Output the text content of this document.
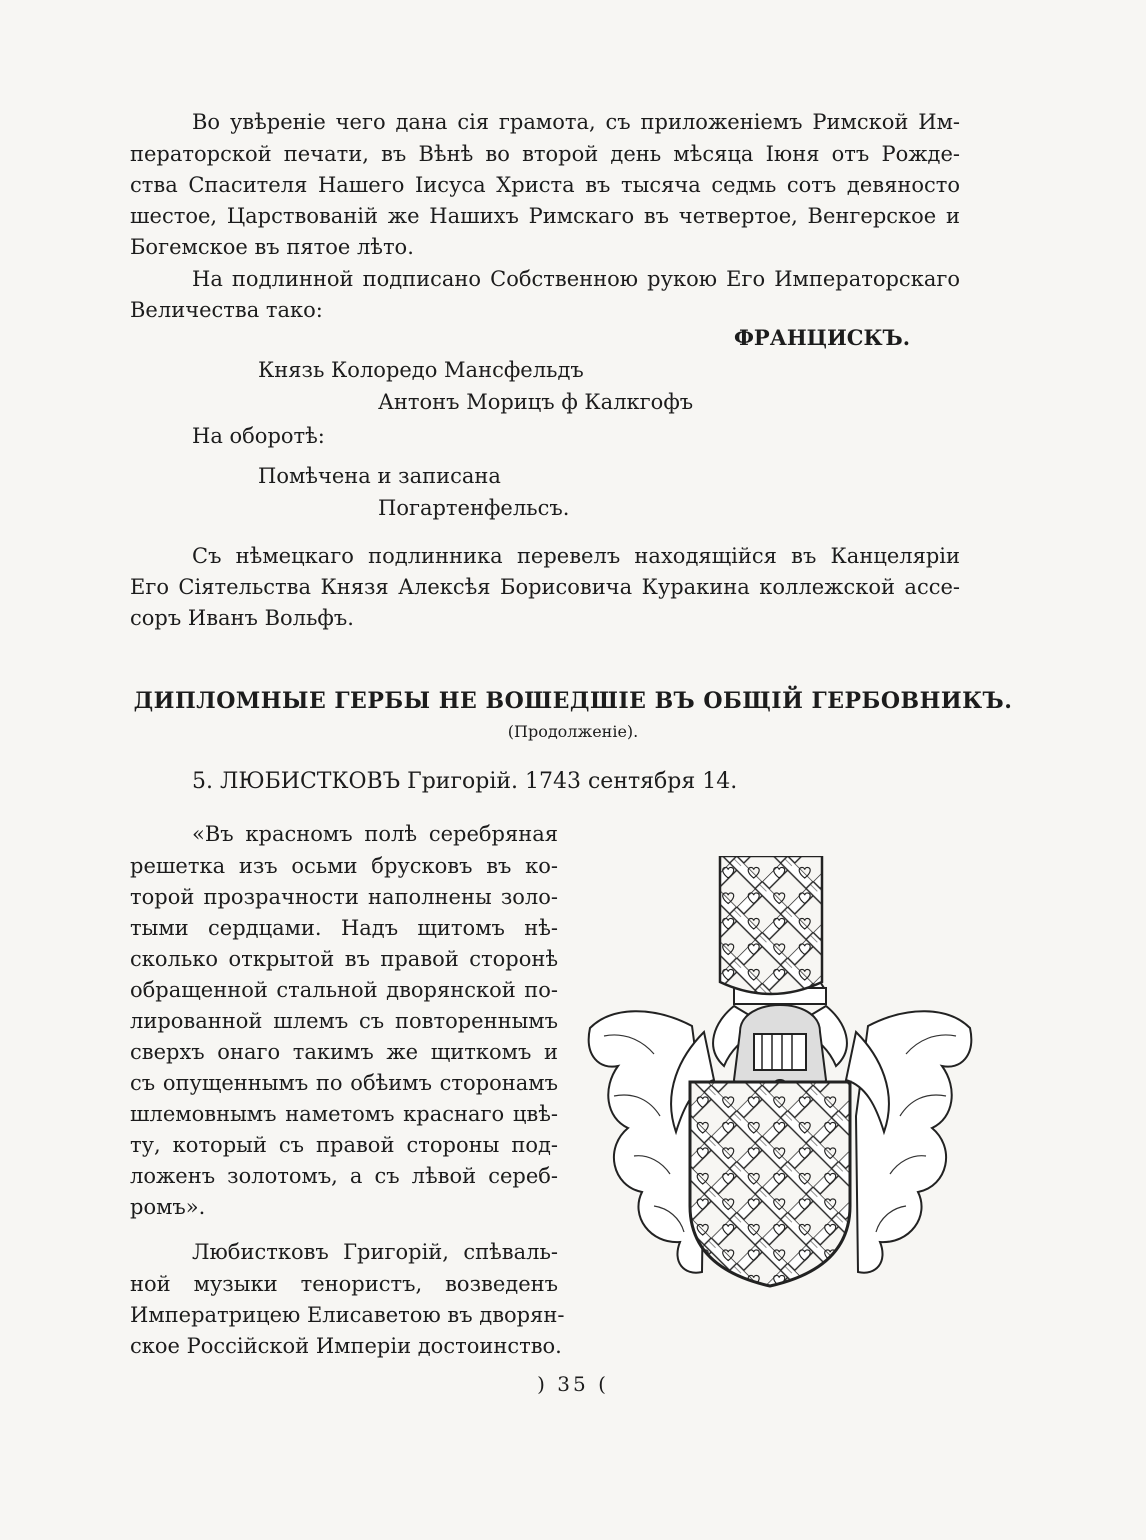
Во увѣреніе чего дана сія грамота, съ приложеніемъ Римской Им-
ператорской печати, въ Вѣнѣ во второй день мѣсяца Іюня отъ Рожде-
ства Спасителя Нашего Іисуса Христа въ тысяча седмь сотъ девяносто
шестое, Царствованій же Нашихъ Римскаго въ четвертое, Венгерское и
Богемское въ пятое лѣто.
На подлинной подписано Собственною рукою Его Императорскаго
Величества тако:
ФРАНЦИСКЪ.
Князь Колоредо Мансфельдъ
Антонъ Морицъ ф Калкгофъ
На оборотѣ:
Помѣчена и записана
Погартенфельсъ.
Съ нѣмецкаго подлинника перевелъ находящійся въ Канцеляріи
Его Сіятельства Князя Алексѣя Борисовича Куракина коллежской ассе-
соръ Иванъ Вольфъ.
ДИПЛОМНЫЕ ГЕРБЫ НЕ ВОШЕДШІЕ ВЪ ОБЩІЙ ГЕРБОВНИКЪ.
(Продолженіе).
5. ЛЮБИСТКОВЪ Григорій. 1743 сентября 14.
«Въ красномъ полѣ серебряная
решетка изъ осьми брусковъ въ ко-
торой прозрачности наполнены золо-
тыми сердцами. Надъ щитомъ нѣ-
сколько открытой въ правой сторонѣ
обращенной стальной дворянской по-
лированной шлемъ съ повтореннымъ
сверхъ онаго такимъ же щиткомъ и
съ опущеннымъ по обѣимъ сторонамъ
шлемовнымъ наметомъ краснаго цвѣ-
ту, который съ правой стороны под-
ложенъ золотомъ, а съ лѣвой сереб-
ромъ».
Любистковъ Григорій, спѣваль-
ной музыки тенористъ, возведенъ
Императрицею Елисаветою въ дворян-
ское Россійской Имперіи достоинство.
) 35 (
